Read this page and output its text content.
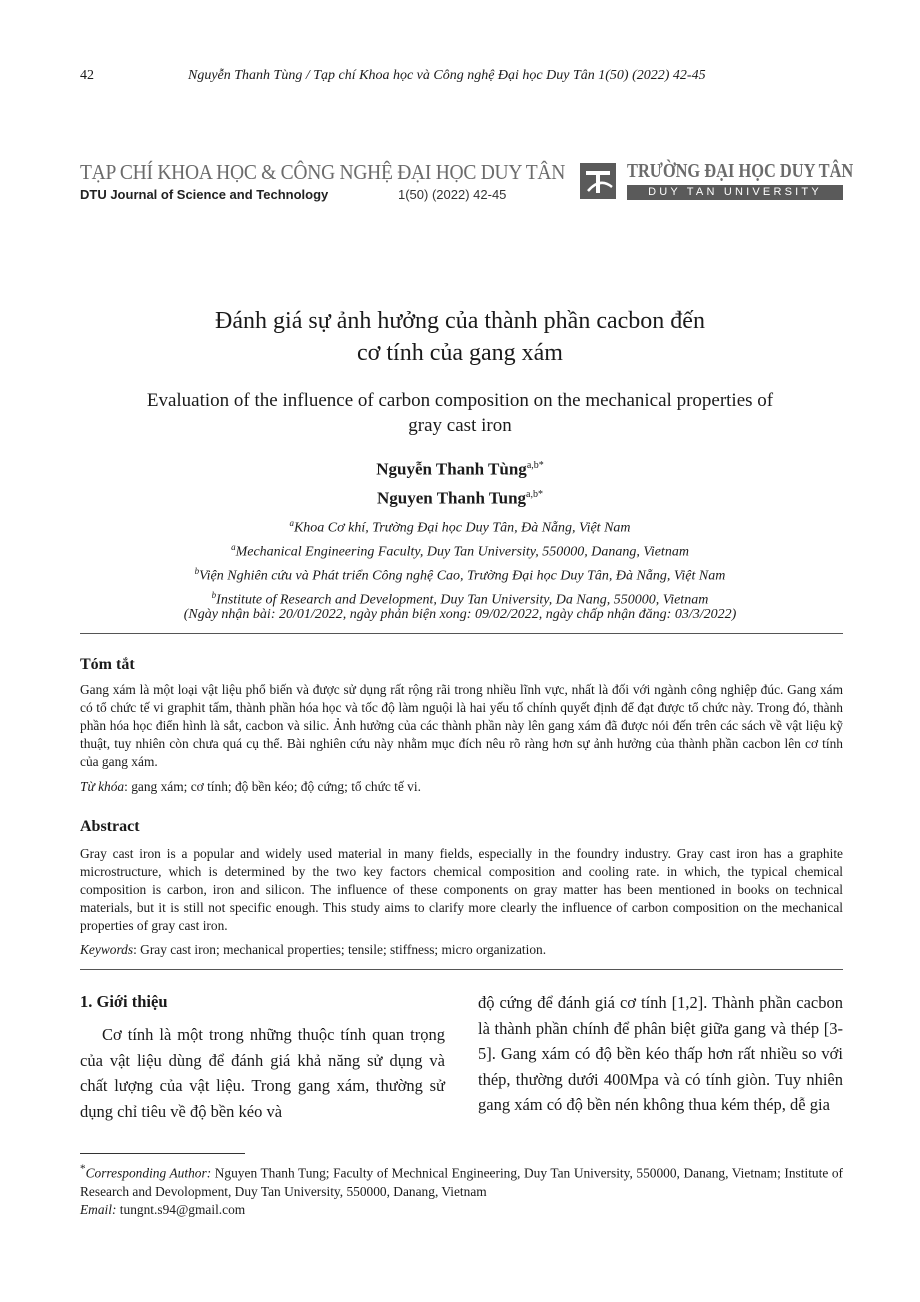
42	Nguyễn Thanh Tùng / Tạp chí Khoa học và Công nghệ Đại học Duy Tân 1(50) (2022) 42-45
TẠP CHÍ KHOA HỌC & CÔNG NGHỆ ĐẠI HỌC DUY TÂN
DTU Journal of Science and Technology	1(50) (2022) 42-45
TRƯỜNG ĐẠI HỌC DUY TÂN
DUY TAN UNIVERSITY
Đánh giá sự ảnh hưởng của thành phần cacbon đến
cơ tính của gang xám
Evaluation of the influence of carbon composition on the mechanical properties of
gray cast iron
Nguyễn Thanh Tùng$^{a,b*}$
Nguyen Thanh Tung$^{a,b*}$
$^a$Khoa Cơ khí, Trường Đại học Duy Tân, Đà Nẵng, Việt Nam
$^a$Mechanical Engineering Faculty, Duy Tan University, 550000, Danang, Vietnam
$^b$Viện Nghiên cứu và Phát triển Công nghệ Cao, Trường Đại học Duy Tân, Đà Nẵng, Việt Nam
$^b$Institute of Research and Development, Duy Tan University, Da Nang, 550000, Vietnam
(Ngày nhận bài: 20/01/2022, ngày phản biện xong: 09/02/2022, ngày chấp nhận đăng: 03/3/2022)
Tóm tắt
Gang xám là một loại vật liệu phổ biến và được sử dụng rất rộng rãi trong nhiều lĩnh vực, nhất là đối với ngành công nghiệp đúc. Gang xám có tổ chức tế vi graphit tấm, thành phần hóa học và tốc độ làm nguội là hai yếu tố chính quyết định để đạt được tổ chức này. Trong đó, thành phần hóa học điển hình là sắt, cacbon và silic. Ảnh hưởng của các thành phần này lên gang xám đã được nói đến trên các sách về vật liệu kỹ thuật, tuy nhiên còn chưa quá cụ thể. Bài nghiên cứu này nhằm mục đích nêu rõ ràng hơn sự ảnh hưởng của thành phần cacbon lên cơ tính của gang xám.
Từ khóa: gang xám; cơ tính; độ bền kéo; độ cứng; tổ chức tế vi.
Abstract
Gray cast iron is a popular and widely used material in many fields, especially in the foundry industry. Gray cast iron has a graphite microstructure, which is determined by the two key factors chemical composition and cooling rate. in which, the typical chemical composition is carbon, iron and silicon. The influence of these components on gray matter has been mentioned in books on technical materials, but it is still not specific enough. This study aims to clarify more clearly the influence of carbon composition on the mechanical properties of gray cast iron.
Keywords: Gray cast iron; mechanical properties; tensile; stiffness; micro organization.
1. Giới thiệu
Cơ tính là một trong những thuộc tính quan trọng của vật liệu dùng để đánh giá khả năng sử dụng và chất lượng của vật liệu. Trong gang xám, thường sử dụng chỉ tiêu về độ bền kéo và
độ cứng để đánh giá cơ tính [1,2]. Thành phần cacbon là thành phần chính để phân biệt giữa gang và thép [3-5]. Gang xám có độ bền kéo thấp hơn rất nhiều so với thép, thường dưới 400Mpa và có tính giòn. Tuy nhiên gang xám có độ bền nén không thua kém thép, dễ gia
*Corresponding Author: Nguyen Thanh Tung; Faculty of Mechnical Engineering, Duy Tan University, 550000, Danang, Vietnam; Institute of Research and Devolopment, Duy Tan University, 550000, Danang, Vietnam
Email: tungnt.s94@gmail.com
